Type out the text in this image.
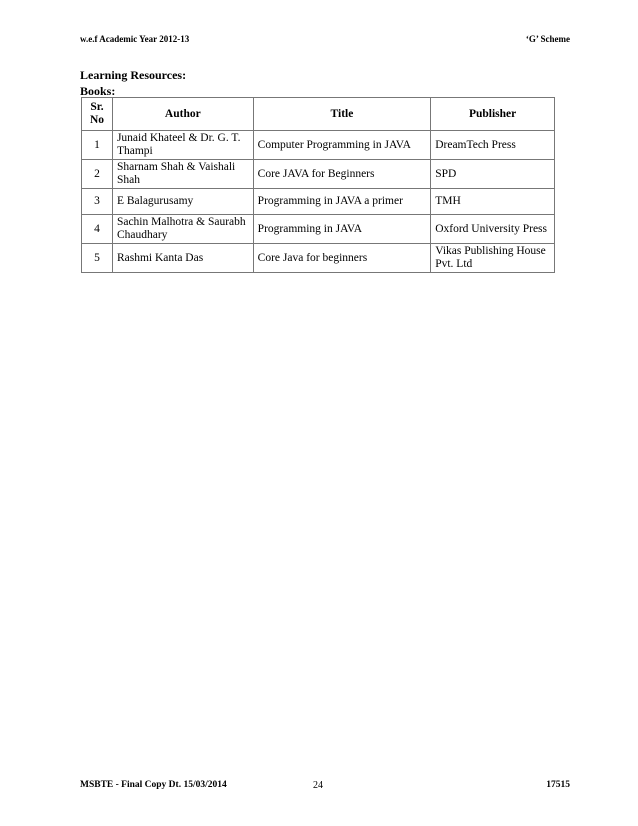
w.e.f Academic Year 2012-13	‘G’ Scheme
Learning Resources:
Books:
Sr. No	Author	Title	Publisher
1	Junaid Khateel & Dr. G. T. Thampi	Computer Programming in JAVA	DreamTech Press
2	Sharnam Shah & Vaishali Shah	Core JAVA for Beginners	SPD
3	E Balagurusamy	Programming in JAVA a primer	TMH
4	Sachin Malhotra & Saurabh Chaudhary	Programming in JAVA	Oxford University Press
5	Rashmi Kanta Das	Core Java for beginners	Vikas Publishing House Pvt. Ltd
MSBTE - Final Copy Dt. 15/03/2014	24	17515
